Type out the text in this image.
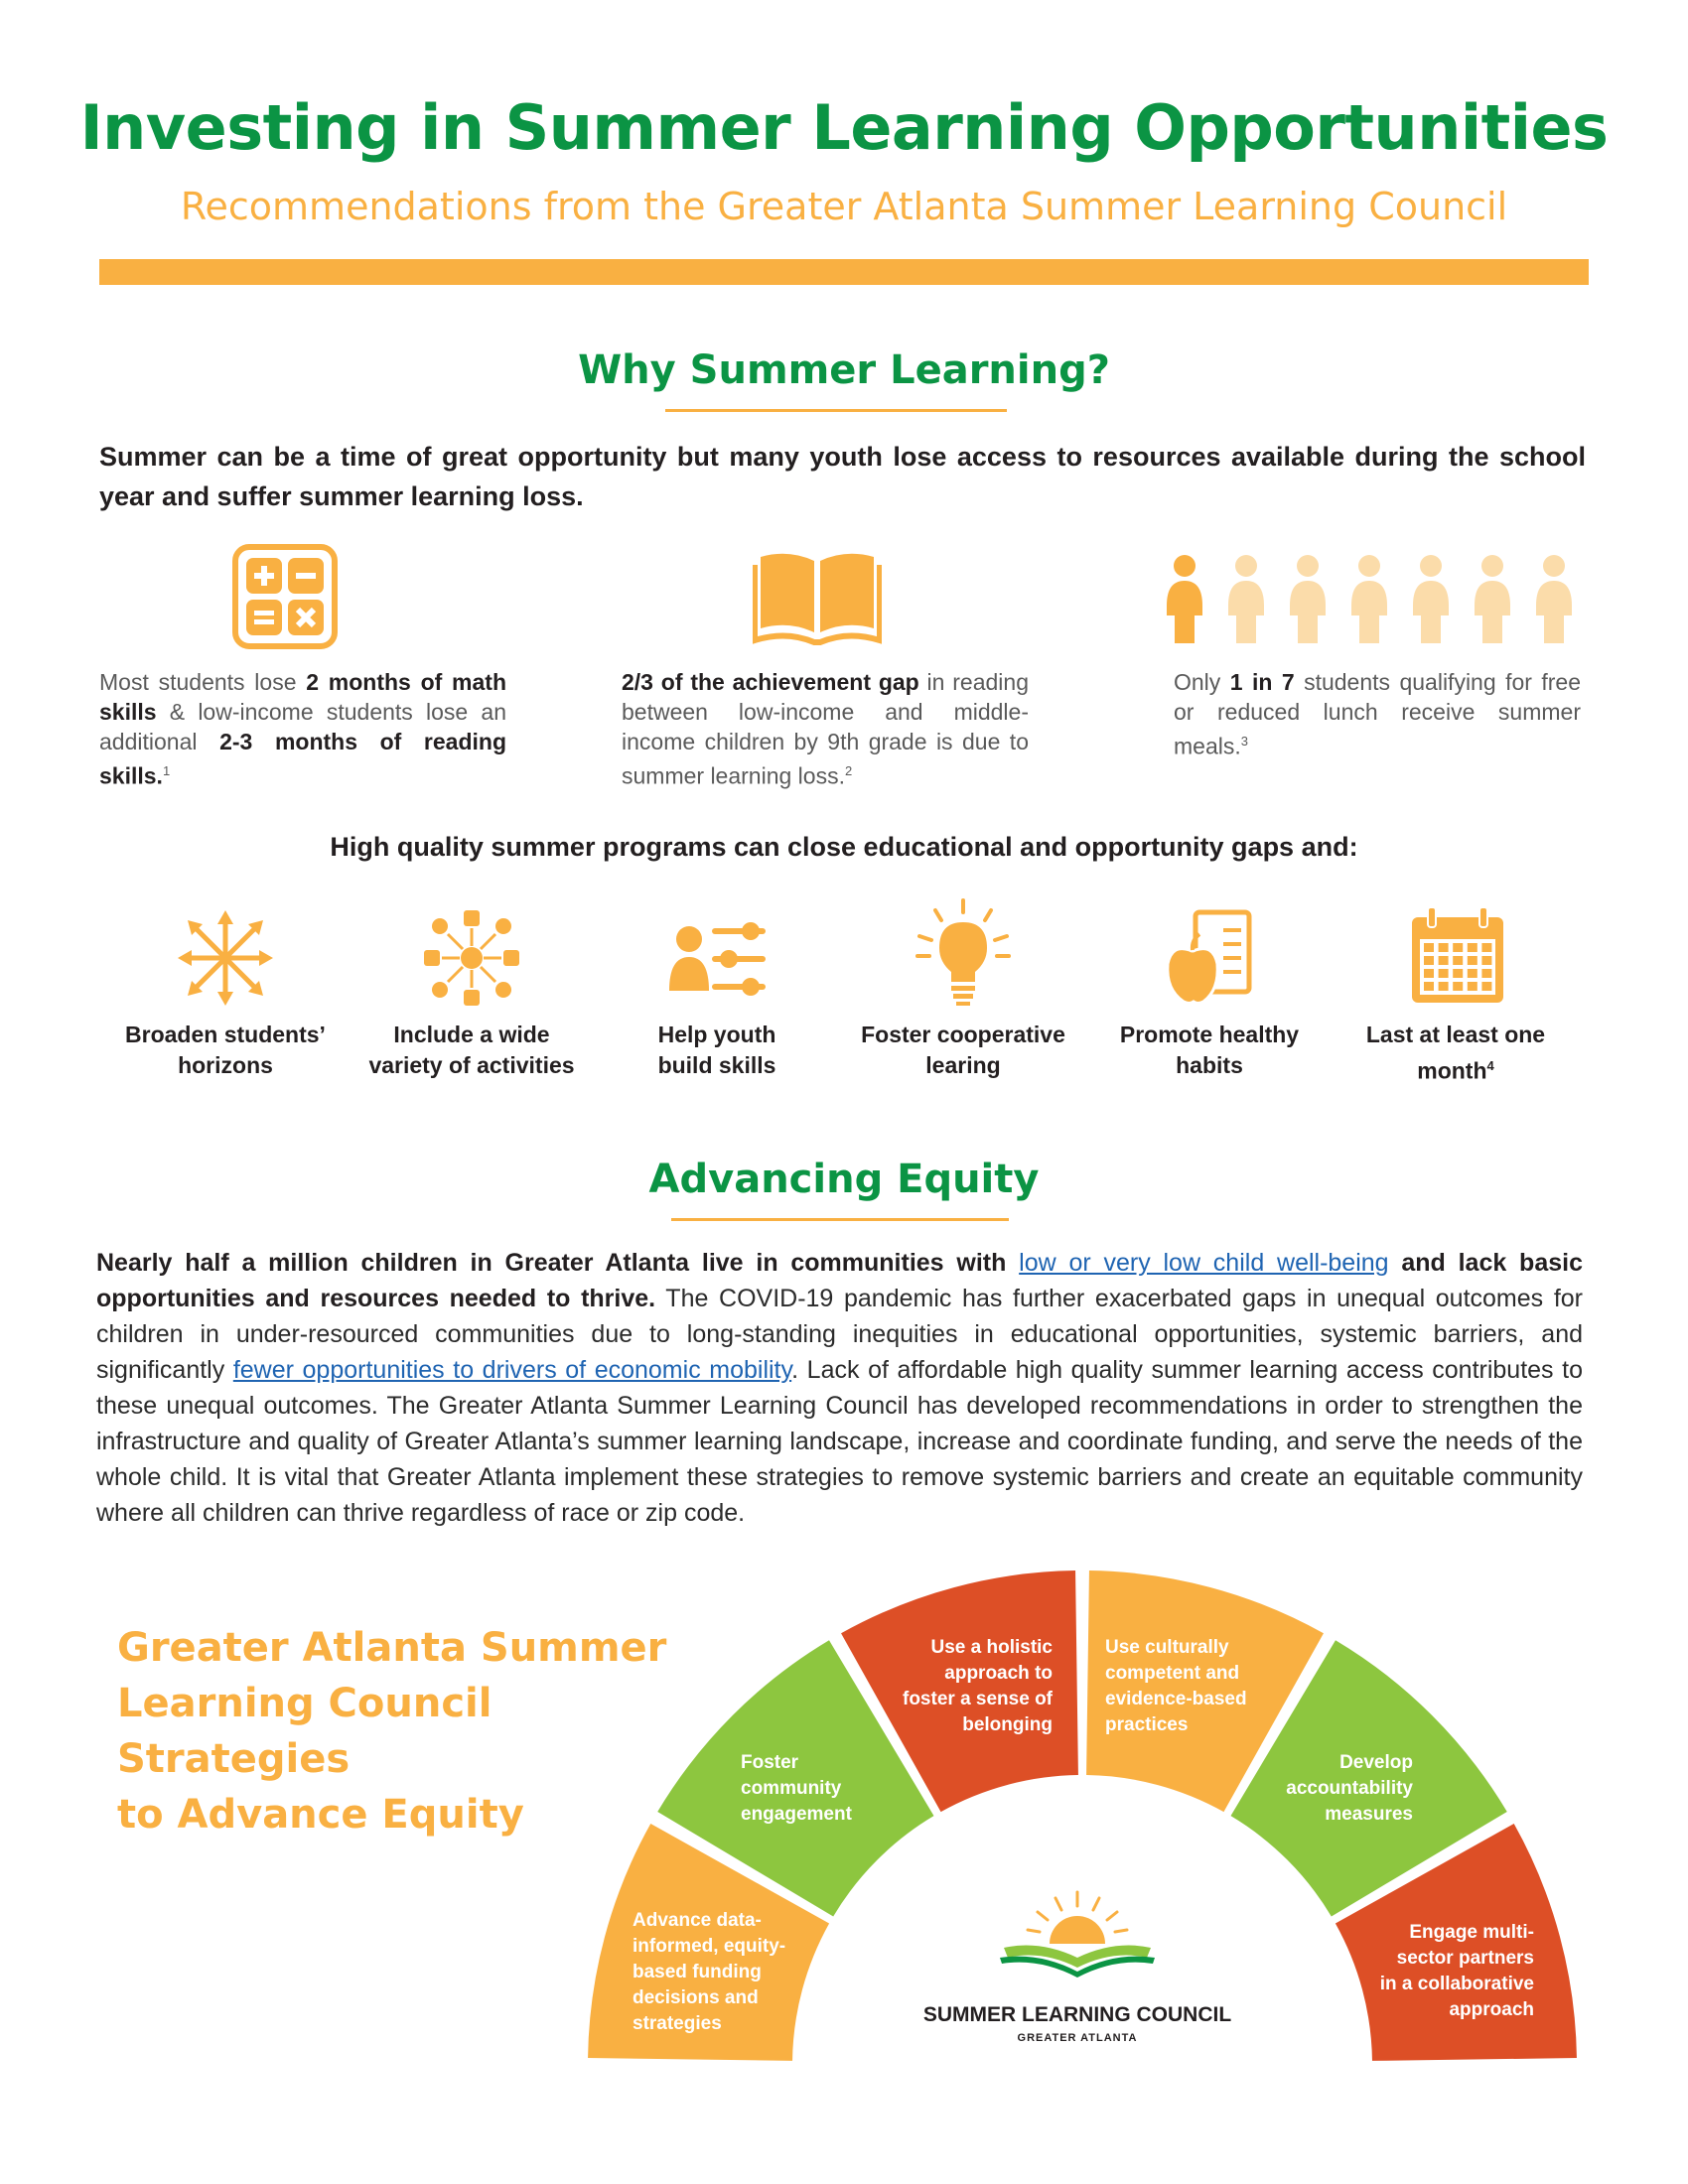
Investing in Summer Learning Opportunities

Recommendations from the Greater Atlanta Summer Learning Council

Why Summer Learning?

Summer can be a time of great opportunity but many youth lose access to resources available during the school year and suffer summer learning loss.

Most students lose 2 months of math skills & low-income students lose an additional 2-3 months of reading skills.$^1$

2/3 of the achievement gap in reading between low-income and middle-income children by 9th grade is due to summer learning loss.$^2$

Only 1 in 7 students qualifying for free or reduced lunch receive summer meals.$^3$

High quality summer programs can close educational and opportunity gaps and:

Broaden students’
horizons

Include a wide
variety of activities

Help youth
build skills

Foster cooperative
learing

Promote healthy
habits

Last at least one
month$^4$

Advancing Equity

Nearly half a million children in Greater Atlanta live in communities with low or very low child well-being and lack basic opportunities and resources needed to thrive. The COVID-19 pandemic has further exacerbated gaps in unequal outcomes for children in under-resourced communities due to long-standing inequities in educational opportunities, systemic barriers, and significantly fewer opportunities to drivers of economic mobility. Lack of affordable high quality summer learning access contributes to these unequal outcomes. The Greater Atlanta Summer Learning Council has developed recommendations in order to strengthen the infrastructure and quality of Greater Atlanta’s summer learning landscape, increase and coordinate funding, and serve the needs of the whole child. It is vital that Greater Atlanta implement these strategies to remove systemic barriers and create an equitable community where all children can thrive regardless of race or zip code.

Greater Atlanta Summer
Learning Council Strategies
to Advance Equity

SUMMER LEARNING COUNCIL
GREATER ATLANTA

Advance data-
informed, equity-
based funding
decisions and
strategies

Foster
community
engagement

Use a holistic
approach to
foster a sense of
belonging

Use culturally
competent and
evidence-based
practices

Develop
accountability
measures

Engage multi-
sector partners
in a collaborative
approach
